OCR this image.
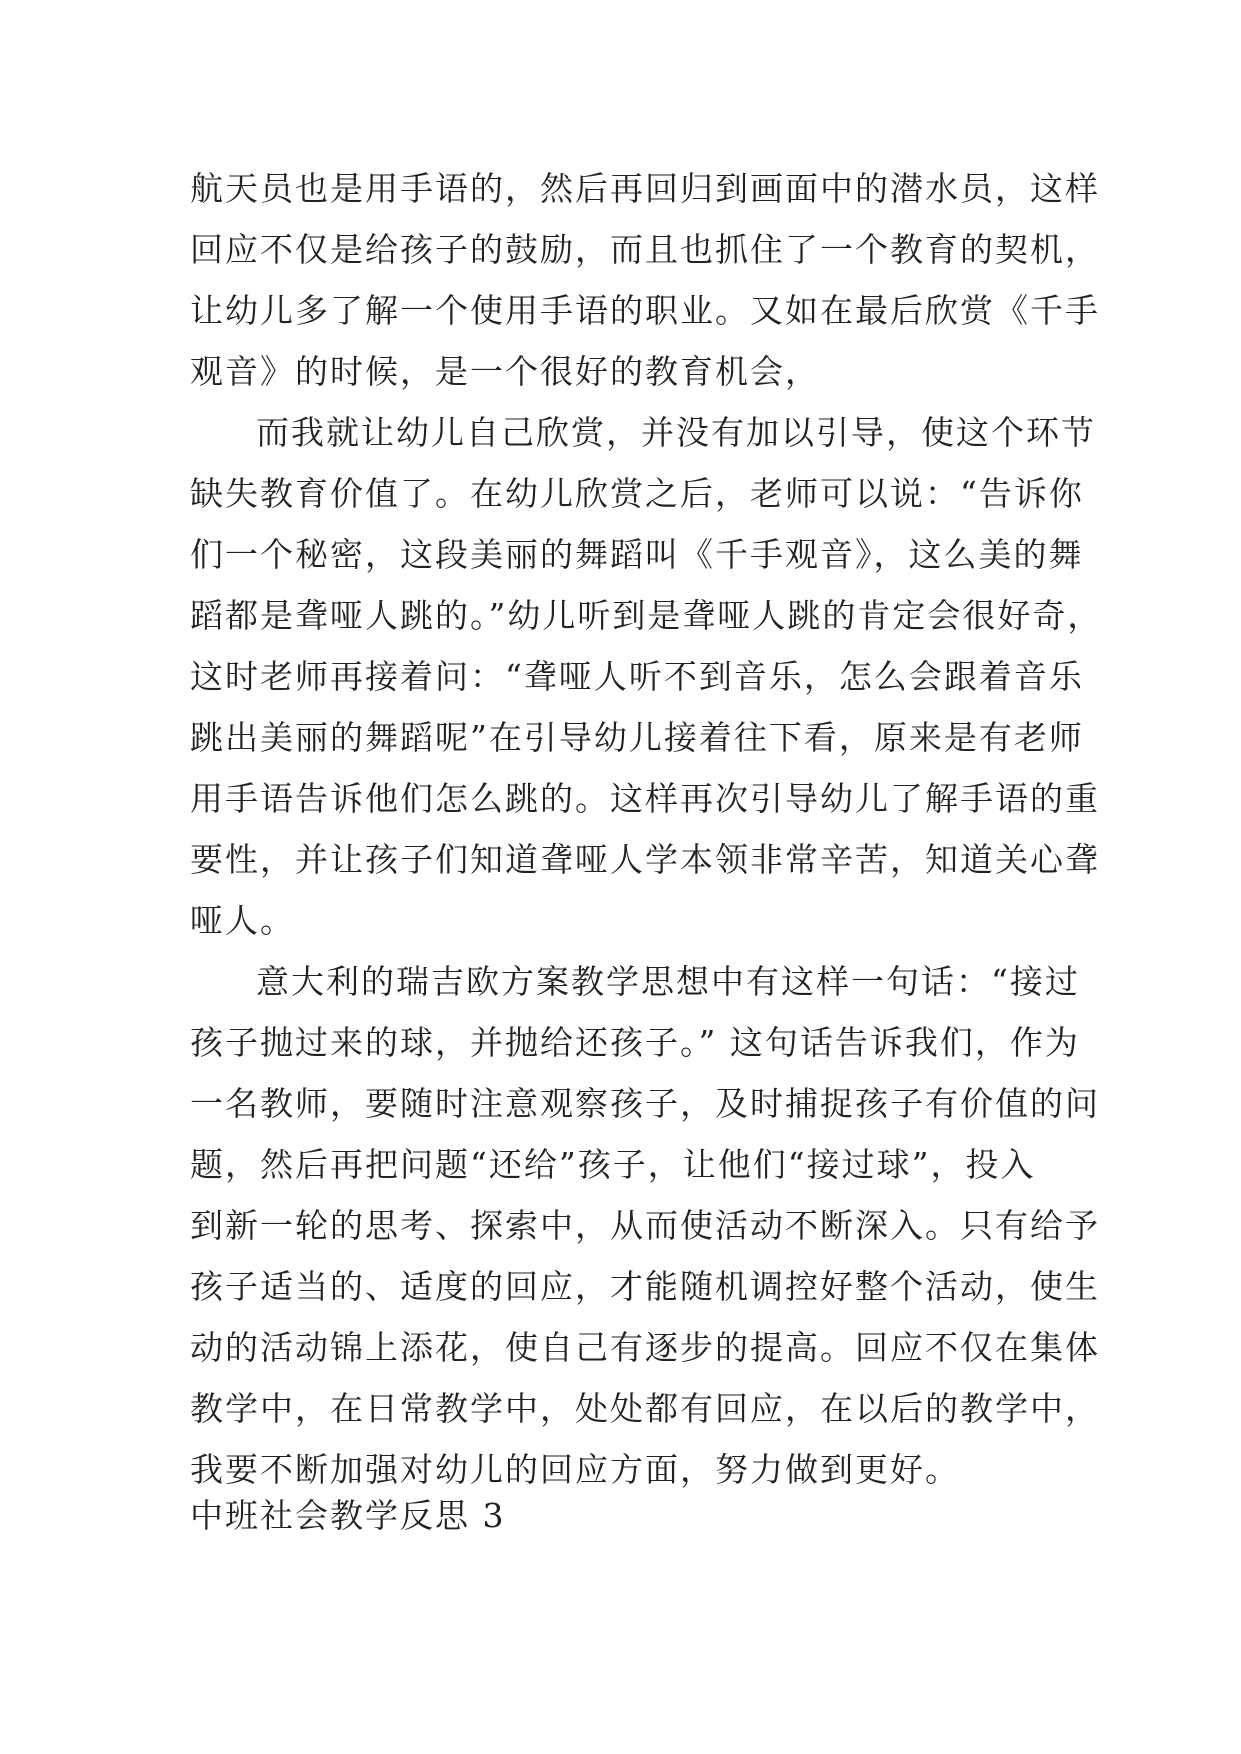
航天员也是用手语的，然后再回归到画面中的潜水员，这样
回应不仅是给孩子的鼓励，而且也抓住了一个教育的契机，
让幼儿多了解一个使用手语的职业。又如在最后欣赏《千手
观音》的时候，是一个很好的教育机会，
而我就让幼儿自己欣赏，并没有加以引导，使这个环节
缺失教育价值了。在幼儿欣赏之后，老师可以说：“告诉你
们一个秘密，这段美丽的舞蹈叫《千手观音》，这么美的舞
蹈都是聋哑人跳的。”幼儿听到是聋哑人跳的肯定会很好奇，
这时老师再接着问：“聋哑人听不到音乐，怎么会跟着音乐
跳出美丽的舞蹈呢”在引导幼儿接着往下看，原来是有老师
用手语告诉他们怎么跳的。这样再次引导幼儿了解手语的重
要性，并让孩子们知道聋哑人学本领非常辛苦，知道关心聋
哑人。
意大利的瑞吉欧方案教学思想中有这样一句话：“接过
孩子抛过来的球，并抛给还孩子。” 这句话告诉我们，作为
一名教师，要随时注意观察孩子，及时捕捉孩子有价值的问
题，然后再把问题“还给”孩子，让他们“接过球”，投入
到新一轮的思考、探索中，从而使活动不断深入。只有给予
孩子适当的、适度的回应，才能随机调控好整个活动，使生
动的活动锦上添花，使自己有逐步的提高。回应不仅在集体
教学中，在日常教学中，处处都有回应，在以后的教学中，
我要不断加强对幼儿的回应方面，努力做到更好。
中班社会教学反思 3
